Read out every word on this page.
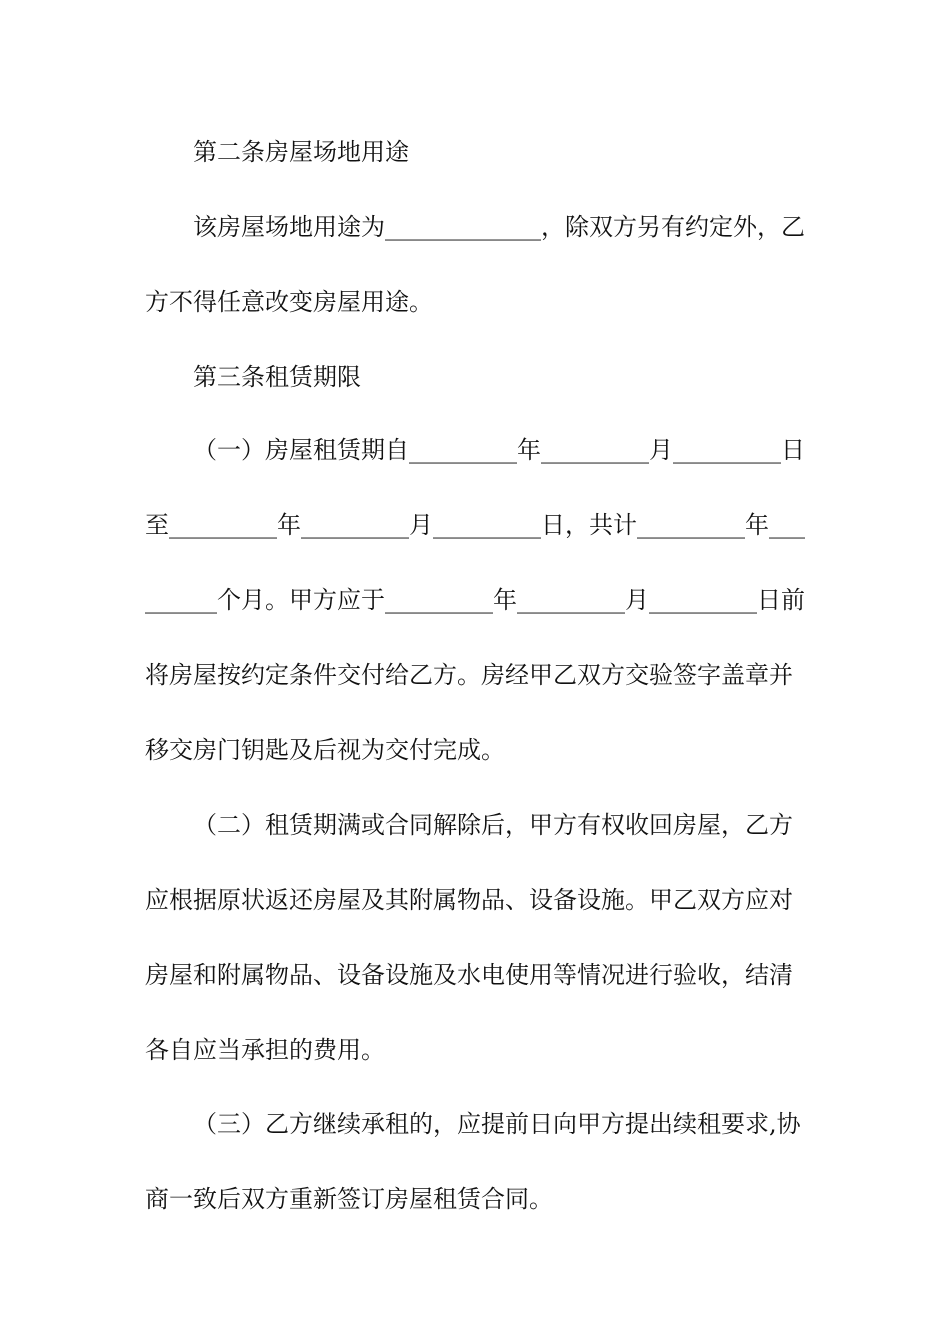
第二条房屋场地用途
该房屋场地用途为_____________，除双方另有约定外，乙
方不得任意改变房屋用途。
第三条租赁期限
（一）房屋租赁期自_________年_________月_________日
至_________年_________月_________日，共计_________年___
______个月。甲方应于_________年_________月_________日前
将房屋按约定条件交付给乙方。房经甲乙双方交验签字盖章并
移交房门钥匙及后视为交付完成。
（二）租赁期满或合同解除后，甲方有权收回房屋，乙方
应根据原状返还房屋及其附属物品、设备设施。甲乙双方应对
房屋和附属物品、设备设施及水电使用等情况进行验收，结清
各自应当承担的费用。
（三）乙方继续承租的，应提前日向甲方提出续租要求,协
商一致后双方重新签订房屋租赁合同。
